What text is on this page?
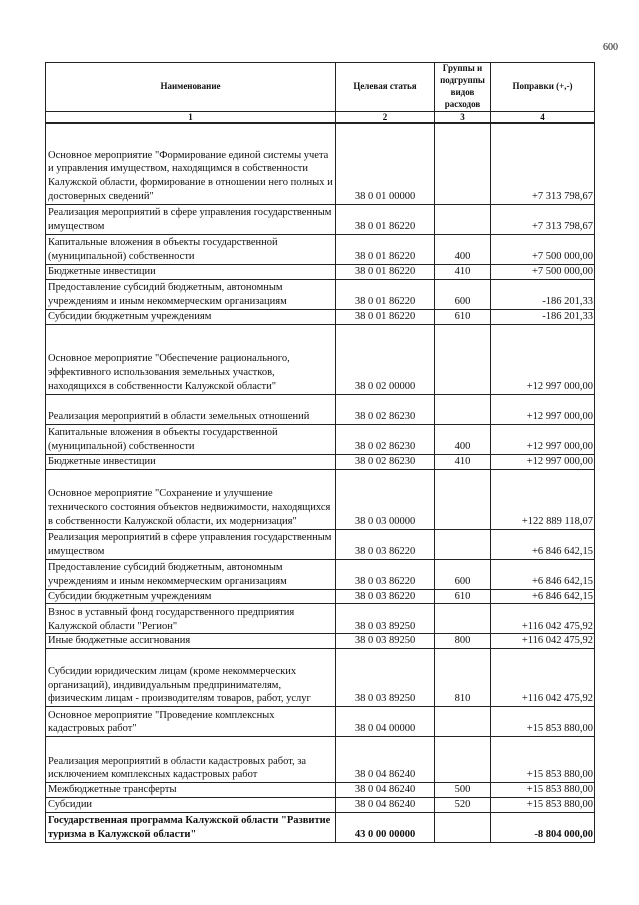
600
Наименование	Целевая статья	Группы и подгруппы видов расходов	Поправки (+,-)
1	2	3	4
Основное мероприятие "Формирование единой системы учета и управления имуществом, находящимся в собственности Калужской области, формирование в отношении него полных и достоверных сведений"	38 0 01 00000		+7 313 798,67
Реализация мероприятий в сфере управления государственным имуществом	38 0 01 86220		+7 313 798,67
Капитальные вложения в объекты государственной (муниципальной) собственности	38 0 01 86220	400	+7 500 000,00
Бюджетные инвестиции	38 0 01 86220	410	+7 500 000,00
Предоставление субсидий бюджетным, автономным учреждениям и иным некоммерческим организациям	38 0 01 86220	600	-186 201,33
Субсидии бюджетным учреждениям	38 0 01 86220	610	-186 201,33
Основное мероприятие "Обеспечение рационального, эффективного использования земельных участков, находящихся в собственности Калужской области"	38 0 02 00000		+12 997 000,00
Реализация мероприятий в области земельных отношений	38 0 02 86230		+12 997 000,00
Капитальные вложения в объекты государственной (муниципальной) собственности	38 0 02 86230	400	+12 997 000,00
Бюджетные инвестиции	38 0 02 86230	410	+12 997 000,00
Основное мероприятие "Сохранение и улучшение технического состояния объектов недвижимости, находящихся в собственности Калужской области, их модернизация"	38 0 03 00000		+122 889 118,07
Реализация мероприятий в сфере управления государственным имуществом	38 0 03 86220		+6 846 642,15
Предоставление субсидий бюджетным, автономным учреждениям и иным некоммерческим организациям	38 0 03 86220	600	+6 846 642,15
Субсидии бюджетным учреждениям	38 0 03 86220	610	+6 846 642,15
Взнос в уставный фонд государственного предприятия Калужской области "Регион"	38 0 03 89250		+116 042 475,92
Иные бюджетные ассигнования	38 0 03 89250	800	+116 042 475,92
Субсидии юридическим лицам (кроме некоммерческих организаций), индивидуальным предпринимателям, физическим лицам - производителям товаров, работ, услуг	38 0 03 89250	810	+116 042 475,92
Основное мероприятие "Проведение комплексных кадастровых работ"	38 0 04 00000		+15 853 880,00
Реализация мероприятий в области кадастровых работ, за исключением комплексных кадастровых работ	38 0 04 86240		+15 853 880,00
Межбюджетные трансферты	38 0 04 86240	500	+15 853 880,00
Субсидии	38 0 04 86240	520	+15 853 880,00
Государственная программа Калужской области "Развитие туризма в Калужской области"	43 0 00 00000		-8 804 000,00
